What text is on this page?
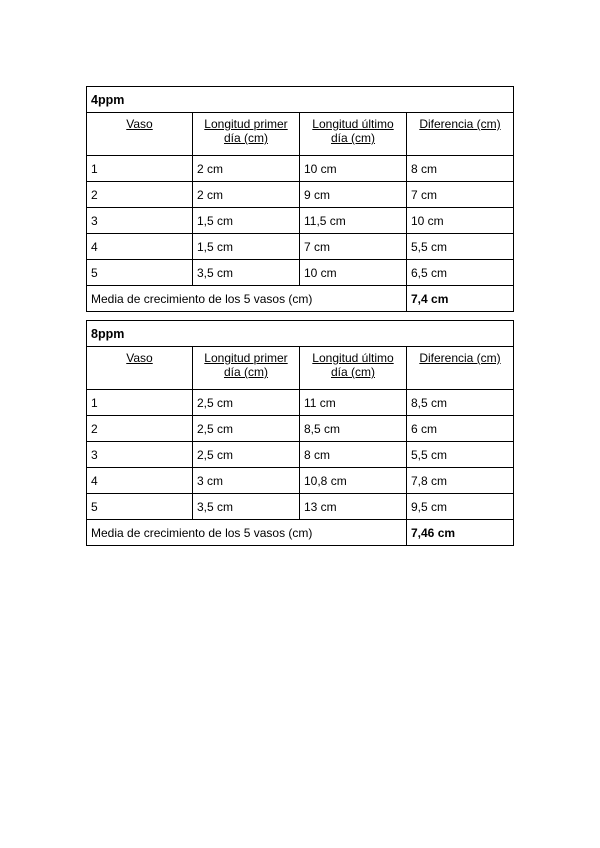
4ppm			
Vaso	Longitud primer día (cm)	Longitud último día (cm)	Diferencia (cm)
1	2 cm	10 cm	8 cm
2	2 cm	9 cm	7 cm
3	1,5 cm	11,5 cm	10 cm
4	1,5 cm	7 cm	5,5 cm
5	3,5 cm	10 cm	6,5 cm
Media de crecimiento de los 5 vasos (cm)			7,4 cm
8ppm			
Vaso	Longitud primer día (cm)	Longitud último día (cm)	Diferencia (cm)
1	2,5 cm	11 cm	8,5 cm
2	2,5 cm	8,5 cm	6 cm
3	2,5 cm	8 cm	5,5 cm
4	3 cm	10,8 cm	7,8 cm
5	3,5 cm	13 cm	9,5 cm
Media de crecimiento de los 5 vasos (cm)			7,46 cm
